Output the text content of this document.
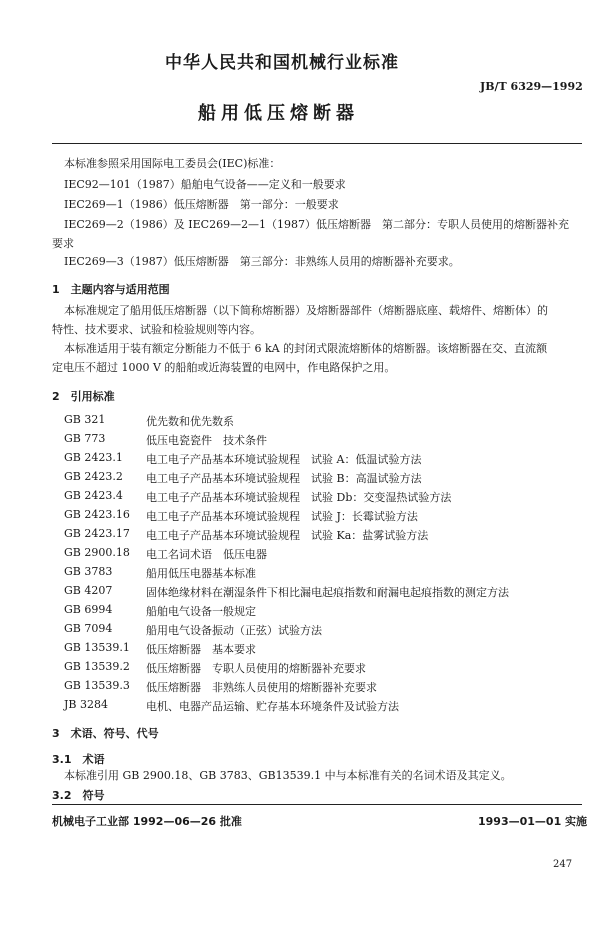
中华人民共和国机械行业标准
JB/T 6329—1992
船用低压熔断器
本标准参照采用国际电工委员会(IEC)标准：
IEC92—101（1987）船舶电气设备——定义和一般要求
IEC269—1（1986）低压熔断器　第一部分：一般要求
IEC269—2（1986）及 IEC269—2—1（1987）低压熔断器　第二部分：专职人员使用的熔断器补充
要求
IEC269—3（1987）低压熔断器　第三部分：非熟练人员用的熔断器补充要求。
1　主题内容与适用范围
本标准规定了船用低压熔断器（以下简称熔断器）及熔断器部件（熔断器底座、载熔件、熔断体）的
特性、技术要求、试验和检验规则等内容。
本标准适用于装有额定分断能力不低于 6 kA 的封闭式限流熔断体的熔断器。该熔断器在交、直流额
定电压不超过 1000 V 的船舶或近海装置的电网中，作电路保护之用。
2　引用标准
GB 321	优先数和优先数系
GB 773	低压电瓷瓷件　技术条件
GB 2423.1 电工电子产品基本环境试验规程　试验 A：低温试验方法
GB 2423.2 电工电子产品基本环境试验规程　试验 B：高温试验方法
GB 2423.4 电工电子产品基本环境试验规程　试验 Db：交变湿热试验方法
GB 2423.16 电工电子产品基本环境试验规程　试验 J：长霉试验方法
GB 2423.17 电工电子产品基本环境试验规程　试验 Ka：盐雾试验方法
GB 2900.18 电工名词术语　低压电器
GB 3783	船用低压电器基本标准
GB 4207	固体绝缘材料在潮湿条件下相比漏电起痕指数和耐漏电起痕指数的测定方法
GB 6994	船舶电气设备一般规定
GB 7094	船用电气设备振动（正弦）试验方法
GB 13539.1 低压熔断器　基本要求
GB 13539.2 低压熔断器　专职人员使用的熔断器补充要求
GB 13539.3 低压熔断器　非熟练人员使用的熔断器补充要求
JB 3284	电机、电器产品运输、贮存基本环境条件及试验方法
3　术语、符号、代号
3.1　术语
本标准引用 GB 2900.18、GB 3783、GB13539.1 中与本标准有关的名词术语及其定义。
3.2　符号
机械电子工业部 1992—06—26 批准	1993—01—01 实施
247
